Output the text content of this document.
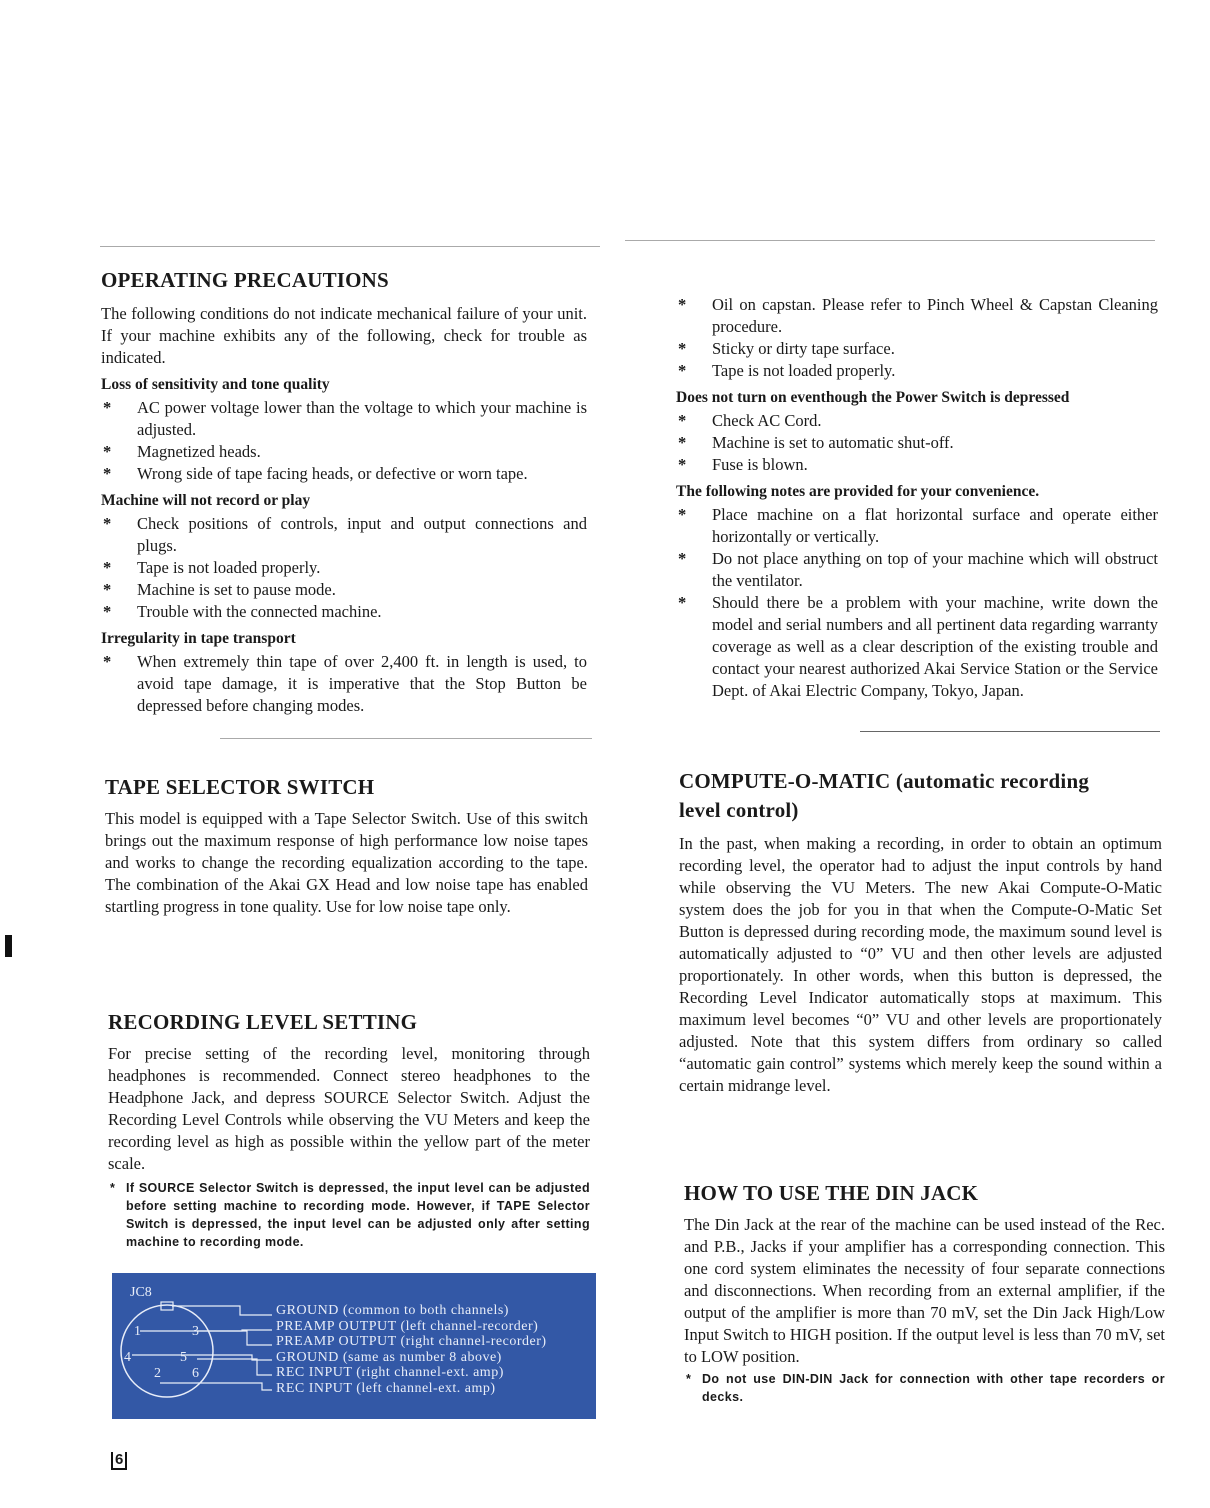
OPERATING PRECAUTIONS

The following conditions do not indicate mechanical failure of your unit. If your machine exhibits any of the following, check for trouble as indicated.

Loss of sensitivity and tone quality
* AC power voltage lower than the voltage to which your machine is adjusted.
* Magnetized heads.
* Wrong side of tape facing heads, or defective or worn tape.
Machine will not record or play
* Check positions of controls, input and output connections and plugs.
* Tape is not loaded properly.
* Machine is set to pause mode.
* Trouble with the connected machine.
Irregularity in tape transport
* When extremely thin tape of over 2,400 ft. in length is used, to avoid tape damage, it is imperative that the Stop Button be depressed before changing modes.
TAPE SELECTOR SWITCH

This model is equipped with a Tape Selector Switch. Use of this switch brings out the maximum response of high performance low noise tapes and works to change the recording equalization according to the tape. The combination of the Akai GX Head and low noise tape has enabled startling progress in tone quality. Use for low noise tape only.

RECORDING LEVEL SETTING

For precise setting of the recording level, monitoring through headphones is recommended. Connect stereo headphones to the Headphone Jack, and depress SOURCE Selector Switch. Adjust the Recording Level Controls while observing the VU Meters and keep the recording level as high as possible within the yellow part of the meter scale.

* If SOURCE Selector Switch is depressed, the input level can be adjusted before setting machine to recording mode. However, if TAPE Selector Switch is depressed, the input level can be adjusted only after setting machine to recording mode.
1	3
4	5
2 6
JC8
GROUND (common to both channels)
PREAMP OUTPUT (left channel-recorder)
PREAMP OUTPUT (right channel-recorder)
GROUND (same as number 8 above)
REC INPUT (right channel-ext. amp)
REC INPUT (left channel-ext. amp)
6
* Oil on capstan. Please refer to Pinch Wheel & Capstan Cleaning procedure.
* Sticky or dirty tape surface.
* Tape is not loaded properly.
Does not turn on eventhough the Power Switch is depressed
* Check AC Cord.
* Machine is set to automatic shut-off.
* Fuse is blown.
The following notes are provided for your convenience.
* Place machine on a flat horizontal surface and operate either horizontally or vertically.
* Do not place anything on top of your machine which will obstruct the ventilator.
* Should there be a problem with your machine, write down the model and serial numbers and all pertinent data regarding warranty coverage as well as a clear description of the existing trouble and contact your nearest authorized Akai Service Station or the Service Dept. of Akai Electric Company, Tokyo, Japan.
COMPUTE-O-MATIC (automatic recording level control)

In the past, when making a recording, in order to obtain an optimum recording level, the operator had to adjust the input controls by hand while observing the VU Meters. The new Akai Compute-O-Matic system does the job for you in that when the Compute-O-Matic Set Button is depressed during recording mode, the maximum sound level is automatically adjusted to “0” VU and then other levels are adjusted proportionately. In other words, when this button is depressed, the Recording Level Indicator automatically stops at maximum. This maximum level becomes “0” VU and other levels are proportionately adjusted. Note that this system differs from ordinary so called “automatic gain control” systems which merely keep the sound within a certain midrange level.

HOW TO USE THE DIN JACK

The Din Jack at the rear of the machine can be used instead of the Rec. and P.B., Jacks if your amplifier has a corresponding connection. This one cord system eliminates the necessity of four separate connections and disconnections. When recording from an external amplifier, if the output of the amplifier is more than 70 mV, set the Din Jack High/Low Input Switch to HIGH position. If the output level is less than 70 mV, set to LOW position.

* Do not use DIN-DIN Jack for connection with other tape recorders or decks.
